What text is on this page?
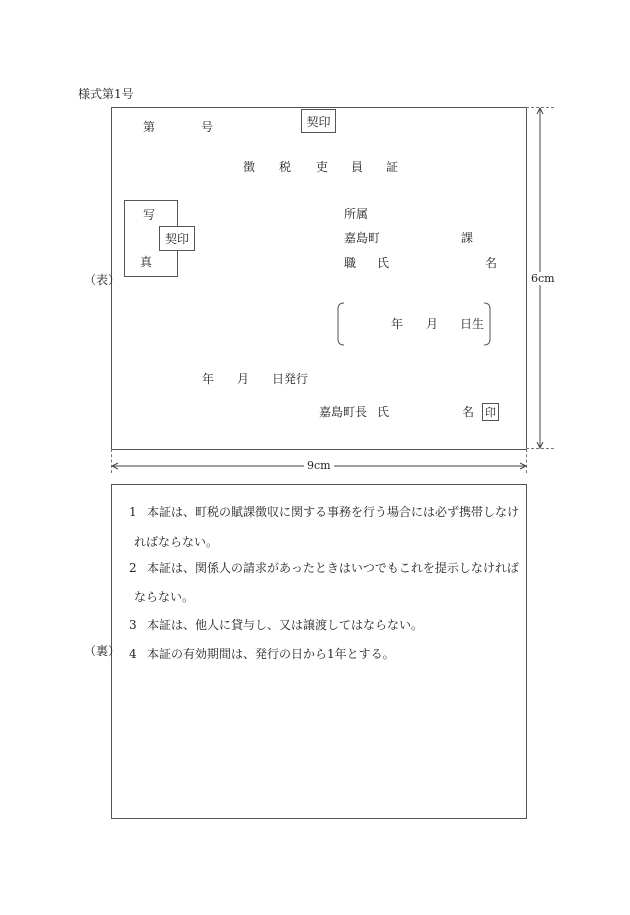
様式第1号
契印
第	号
徴 税 吏 員 証
写
真
契印
所属
嘉島町	課
職 氏	名
年 月 日生
年 月 日発行
嘉島町長 氏	名 印
（表）	6cm
9cm
（裏）
1 本証は、町税の賦課徴収に関する事務を行う場合には必ず携帯しなけ
ればならない。
2 本証は、関係人の請求があったときはいつでもこれを提示しなければ
ならない。
3 本証は、他人に貸与し、又は譲渡してはならない。
4 本証の有効期間は、発行の日から1年とする。
